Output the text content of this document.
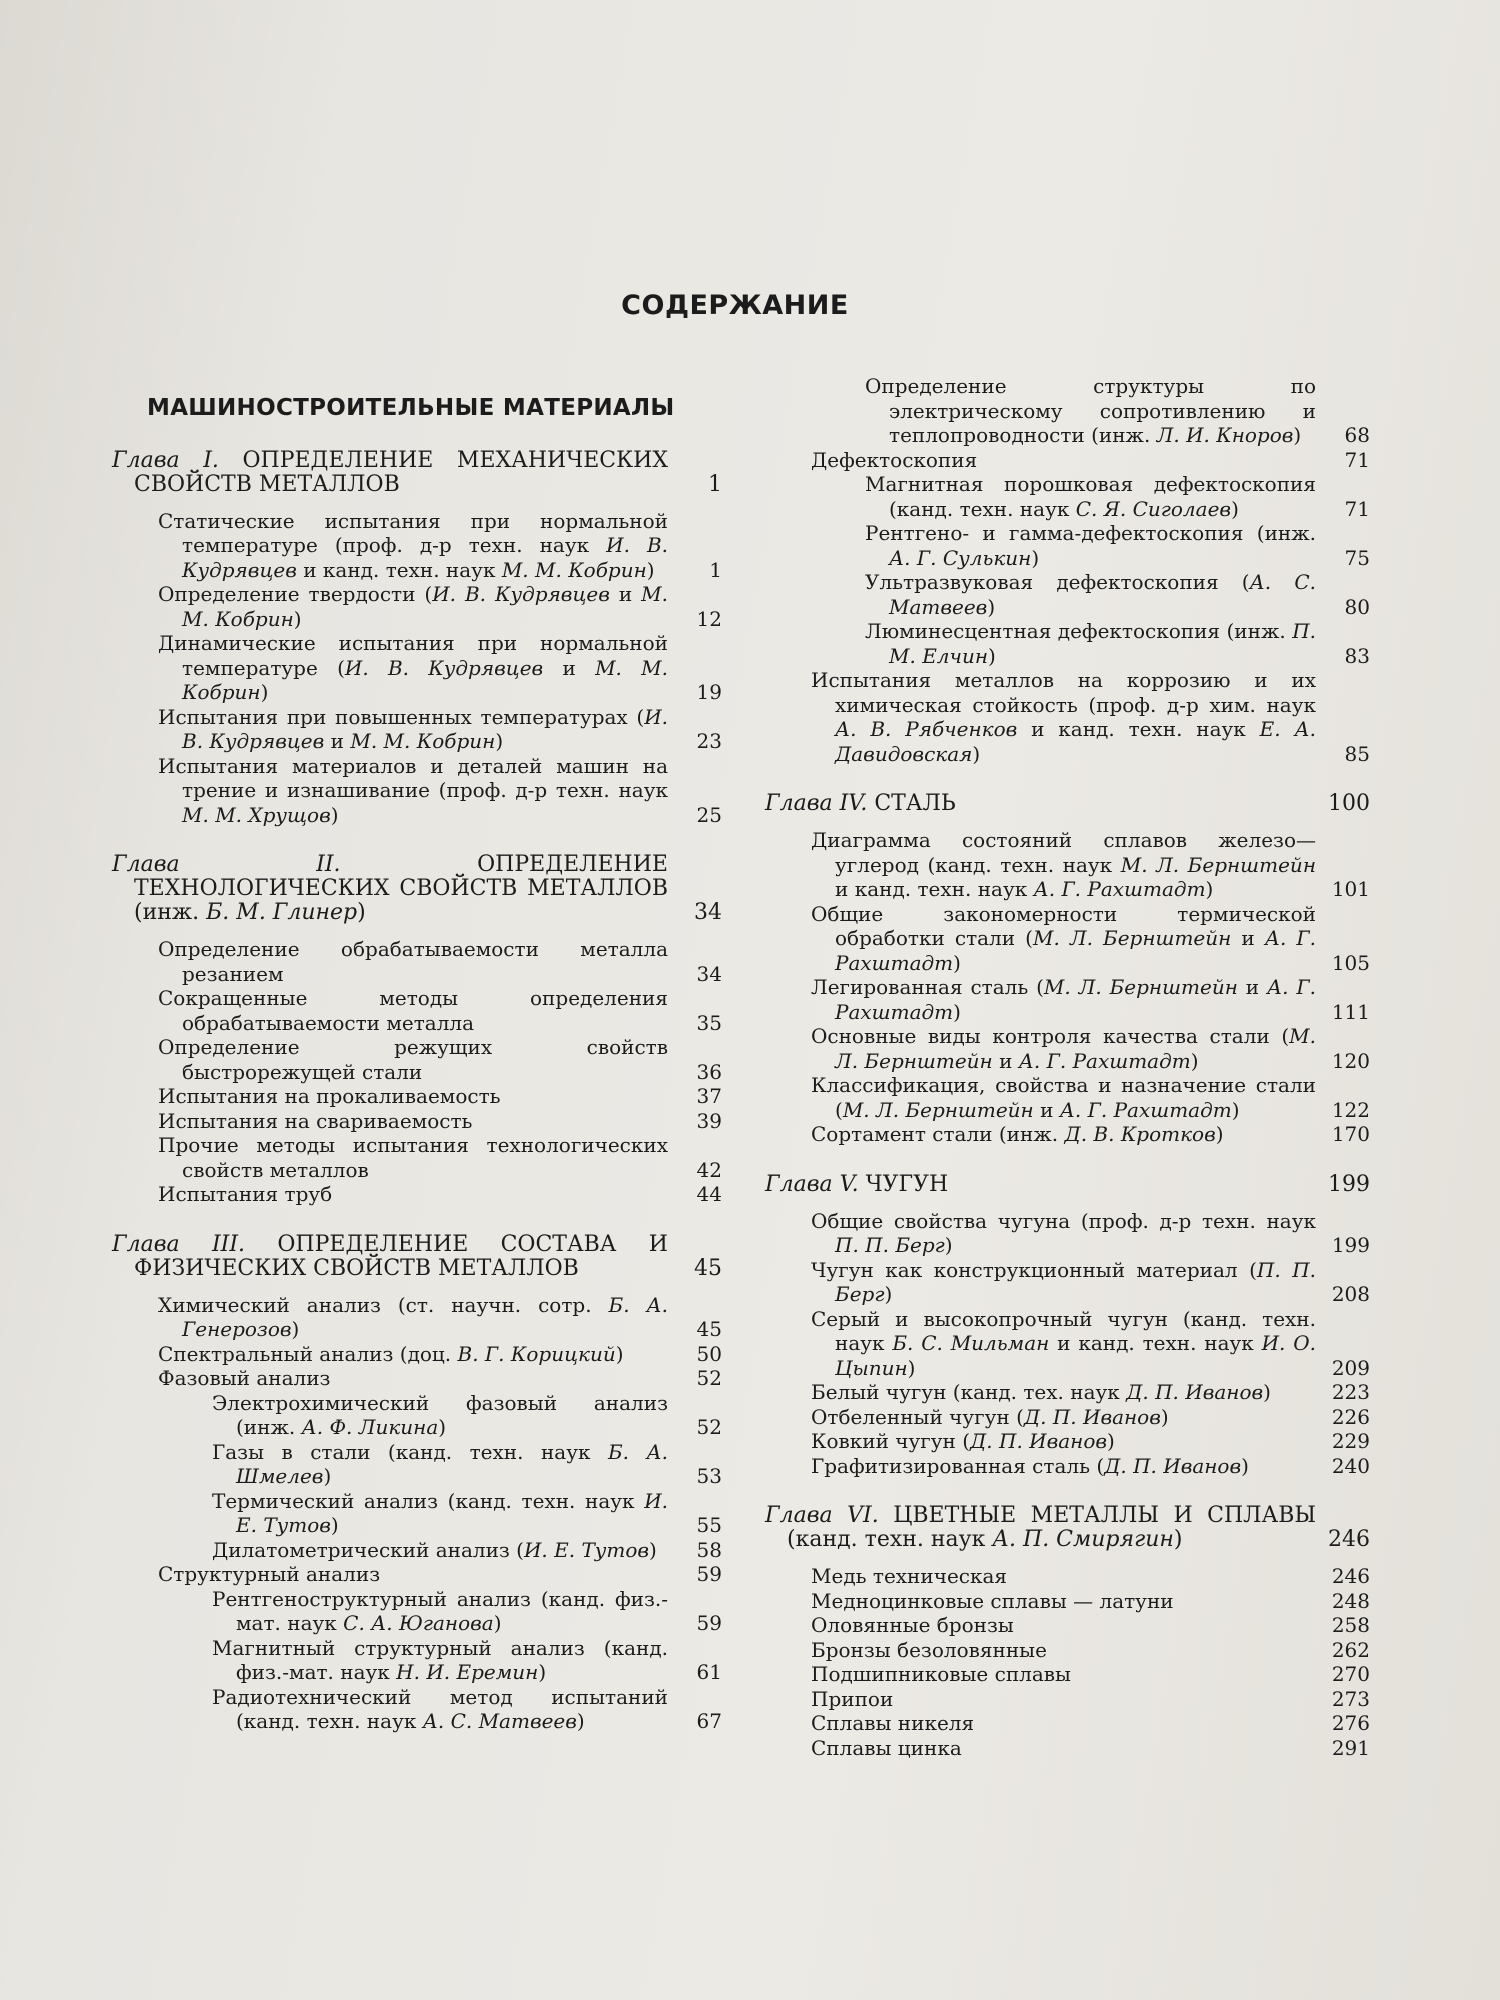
СОДЕРЖАНИЕ
МАШИНОСТРОИТЕЛЬНЫЕ МАТЕРИАЛЫ
Глава I. ОПРЕДЕЛЕНИЕ МЕХАНИЧЕСКИХ СВОЙСТВ МЕТАЛЛОВ	1
Статические испытания при нормальной температуре (проф. д-р техн. наук И. В. Кудрявцев и канд. техн. наук М. М. Кобрин)	1
Определение твердости (И. В. Кудрявцев и М. М. Кобрин)	12
Динамические испытания при нормальной температуре (И. В. Кудрявцев и М. М. Кобрин)	19
Испытания при повышенных температурах (И. В. Кудрявцев и М. М. Кобрин)	23
Испытания материалов и деталей машин на трение и изнашивание (проф. д-р техн. наук М. М. Хрущов)	25
Глава II. ОПРЕДЕЛЕНИЕ ТЕХНОЛОГИЧЕСКИХ СВОЙСТВ МЕТАЛЛОВ (инж. Б. М. Глинер)	34
Определение обрабатываемости металла резанием	34
Сокращенные методы определения обрабатываемости металла	35
Определение режущих свойств быстрорежущей стали	36
Испытания на прокаливаемость	37
Испытания на свариваемость	39
Прочие методы испытания технологических свойств металлов	42
Испытания труб	44
Глава III. ОПРЕДЕЛЕНИЕ СОСТАВА И ФИЗИЧЕСКИХ СВОЙСТВ МЕТАЛЛОВ	45
Химический анализ (ст. научн. сотр. Б. А. Генерозов)	45
Спектральный анализ (доц. В. Г. Корицкий)	50
Фазовый анализ	52
Электрохимический фазовый анализ (инж. А. Ф. Ликина)	52
Газы в стали (канд. техн. наук Б. А. Шмелев)	53
Термический анализ (канд. техн. наук И. Е. Тутов)	55
Дилатометрический анализ (И. Е. Тутов)	58
Структурный анализ	59
Рентгеноструктурный анализ (канд. физ.-мат. наук С. А. Юганова)	59
Магнитный структурный анализ (канд. физ.-мат. наук Н. И. Еремин)	61
Радиотехнический метод испытаний (канд. техн. наук А. С. Матвеев)	67
Определение структуры по электрическому сопротивлению и теплопроводности (инж. Л. И. Кноров)	68
Дефектоскопия	71
Магнитная порошковая дефектоскопия (канд. техн. наук С. Я. Сиголаев)	71
Рентгено- и гамма-дефектоскопия (инж. А. Г. Сулькин)	75
Ультразвуковая дефектоскопия (А. С. Матвеев)	80
Люминесцентная дефектоскопия (инж. П. М. Елчин)	83
Испытания металлов на коррозию и их химическая стойкость (проф. д-р хим. наук А. В. Рябченков и канд. техн. наук Е. А. Давидовская)	85
Глава IV. СТАЛЬ	100
Диаграмма состояний сплавов железо—углерод (канд. техн. наук М. Л. Бернштейн и канд. техн. наук А. Г. Рахштадт)	101
Общие закономерности термической обработки стали (М. Л. Бернштейн и А. Г. Рахштадт)	105
Легированная сталь (М. Л. Бернштейн и А. Г. Рахштадт)	111
Основные виды контроля качества стали (М. Л. Бернштейн и А. Г. Рахштадт)	120
Классификация, свойства и назначение стали (М. Л. Бернштейн и А. Г. Рахштадт)	122
Сортамент стали (инж. Д. В. Кротков)	170
Глава V. ЧУГУН	199
Общие свойства чугуна (проф. д-р техн. наук П. П. Берг)	199
Чугун как конструкционный материал (П. П. Берг)	208
Серый и высокопрочный чугун (канд. техн. наук Б. С. Мильман и канд. техн. наук И. О. Цыпин)	209
Белый чугун (канд. тех. наук Д. П. Иванов)	223
Отбеленный чугун (Д. П. Иванов)	226
Ковкий чугун (Д. П. Иванов)	229
Графитизированная сталь (Д. П. Иванов)	240
Глава VI. ЦВЕТНЫЕ МЕТАЛЛЫ И СПЛАВЫ (канд. техн. наук А. П. Смирягин)	246
Медь техническая	246
Медноцинковые сплавы — латуни	248
Оловянные бронзы	258
Бронзы безоловянные	262
Подшипниковые сплавы	270
Припои	273
Сплавы никеля	276
Сплавы цинка	291
